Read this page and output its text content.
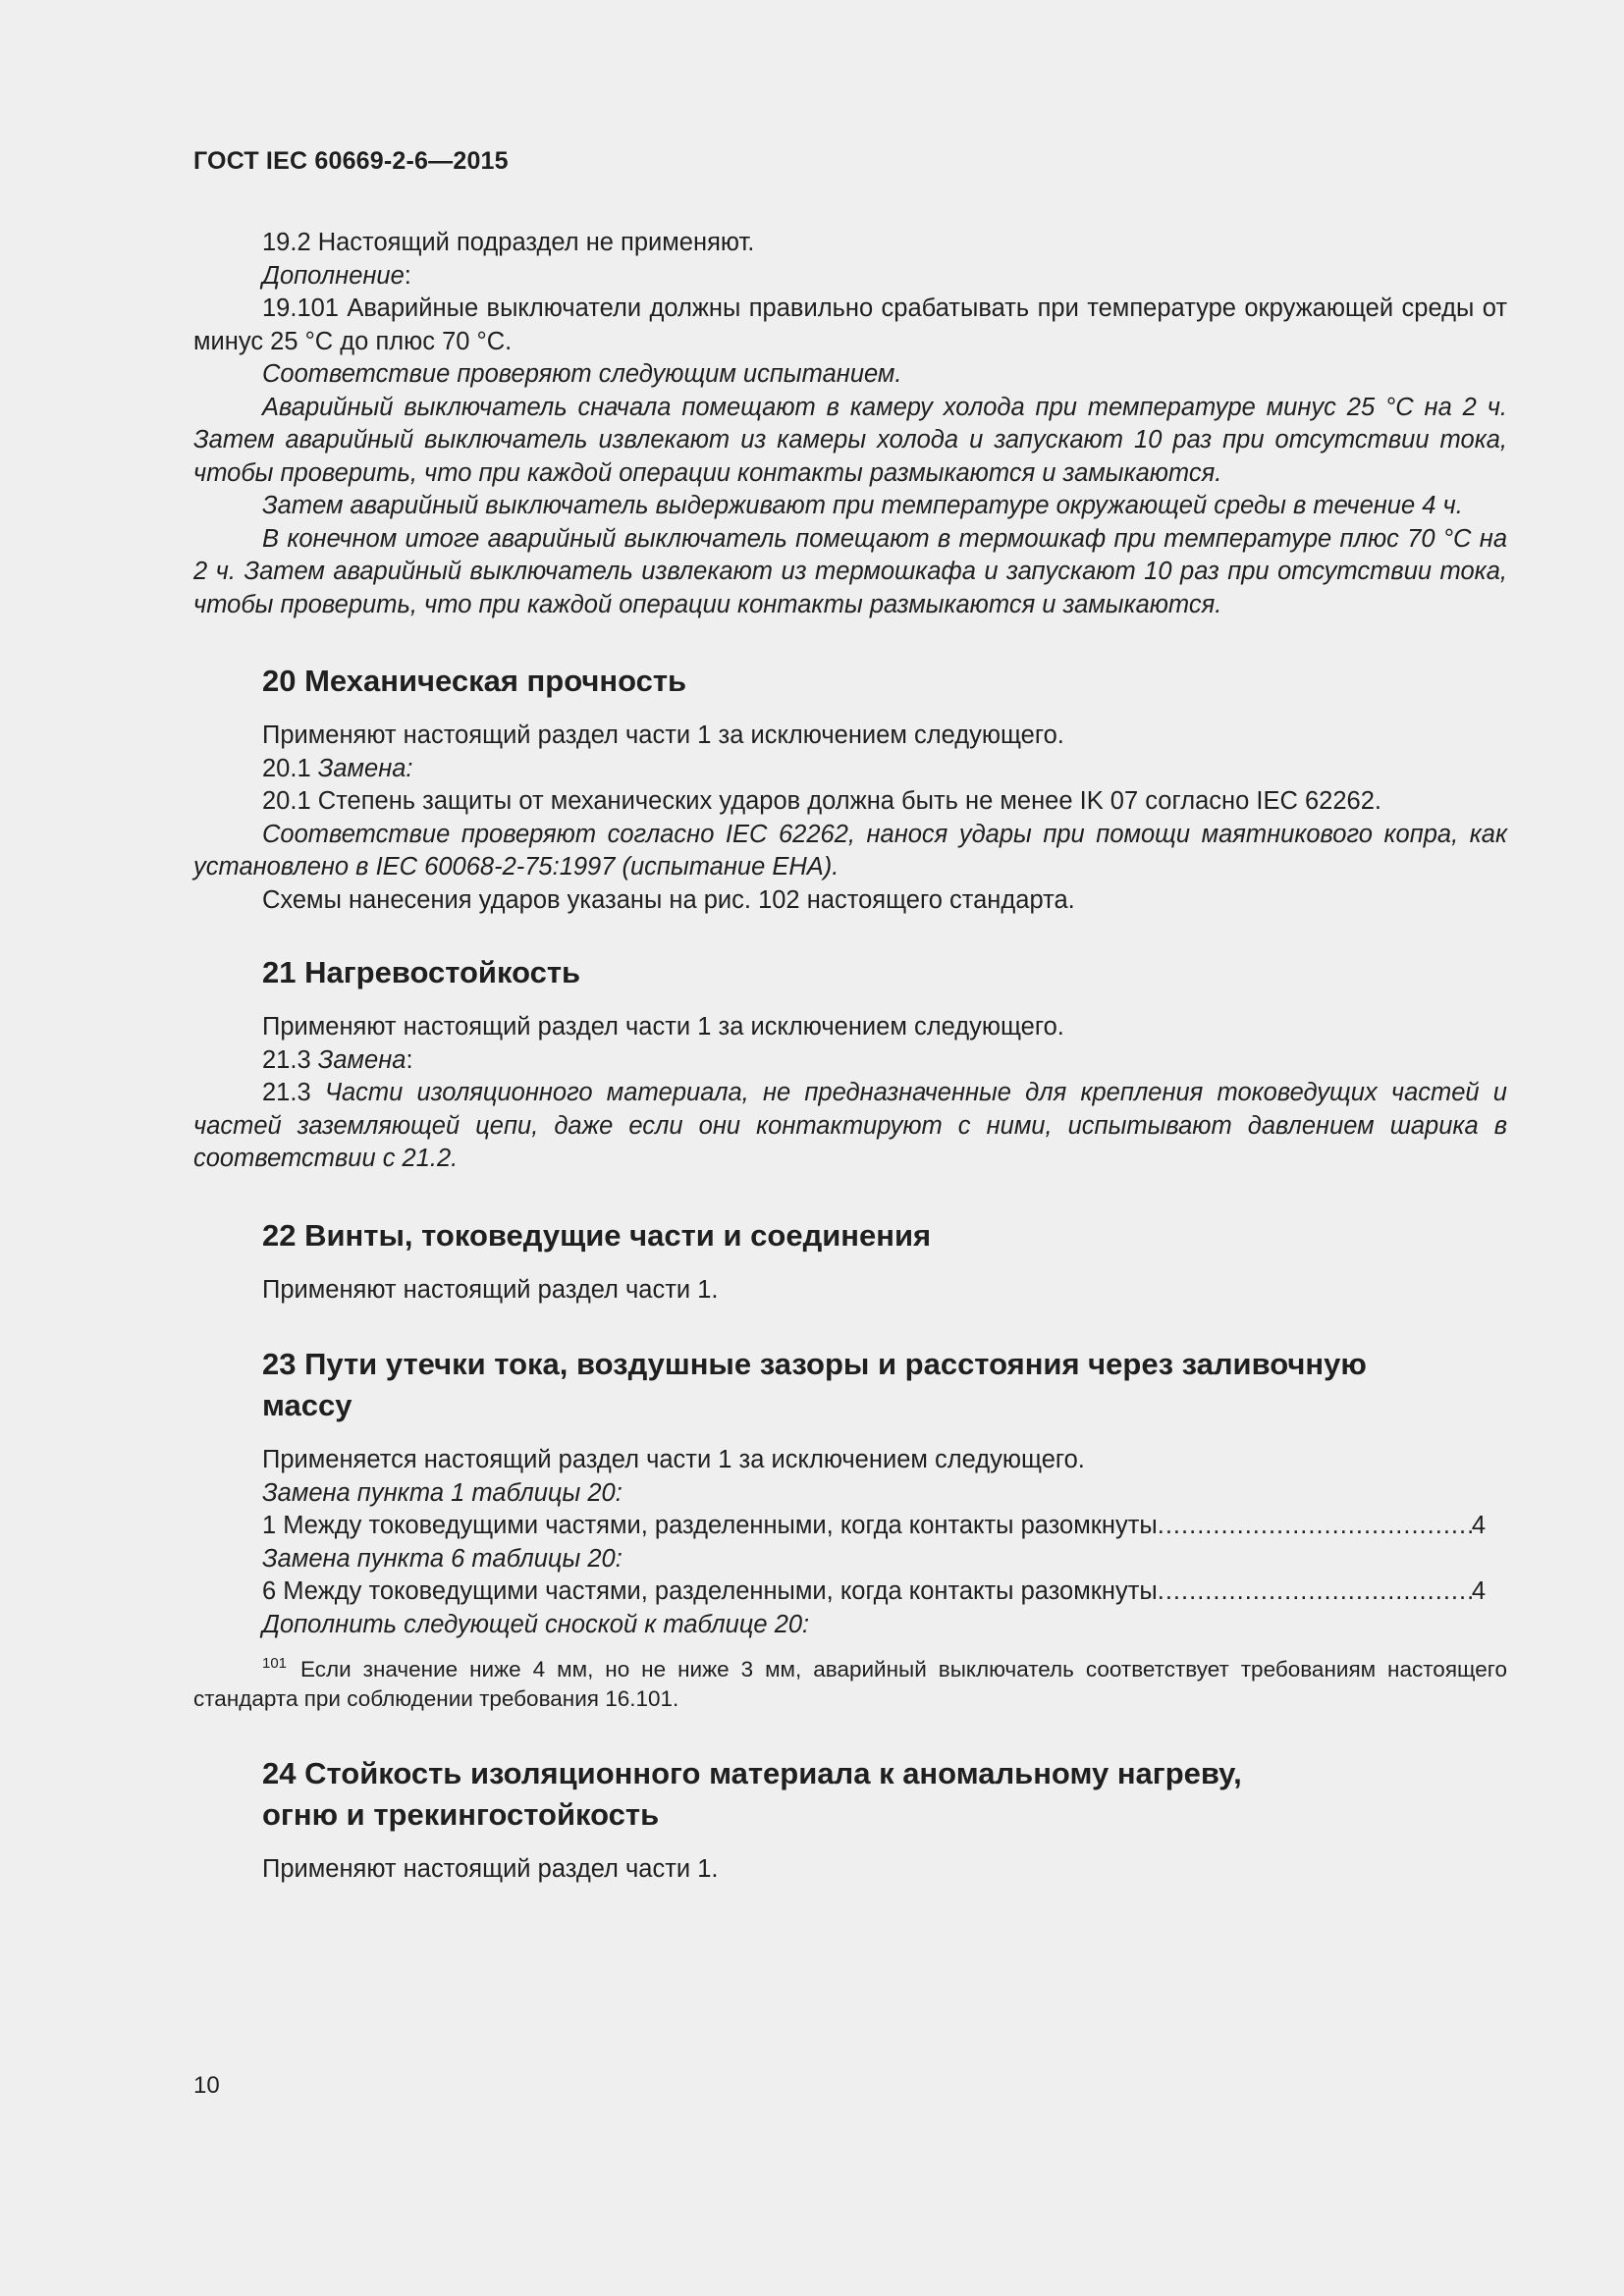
ГОСТ IEC 60669-2-6—2015

19.2 Настоящий подраздел не применяют.

Дополнение:

19.101 Аварийные выключатели должны правильно срабатывать при температуре окружающей среды от минус 25 °С до плюс 70 °С.

Соответствие проверяют следующим испытанием.

Аварийный выключатель сначала помещают в камеру холода при температуре минус 25 °С на 2 ч. Затем аварийный выключатель извлекают из камеры холода и запускают 10 раз при отсутствии тока, чтобы проверить, что при каждой операции контакты размыкаются и замыкаются.

Затем аварийный выключатель выдерживают при температуре окружающей среды в течение 4 ч.

В конечном итоге аварийный выключатель помещают в термошкаф при температуре плюс 70 °С на 2 ч. Затем аварийный выключатель извлекают из термошкафа и запускают 10 раз при отсутствии тока, чтобы проверить, что при каждой операции контакты размыкаются и замыкаются.

20 Механическая прочность

Применяют настоящий раздел части 1 за исключением следующего.

20.1 Замена:

20.1 Степень защиты от механических ударов должна быть не менее IK 07 согласно IEC 62262.

Соответствие проверяют согласно IEC 62262, нанося удары при помощи маятникового копра, как установлено в IEC 60068-2-75:1997 (испытание ЕНА).

Схемы нанесения ударов указаны на рис. 102 настоящего стандарта.

21 Нагревостойкость

Применяют настоящий раздел части 1 за исключением следующего.

21.3 Замена:

21.3 Части изоляционного материала, не предназначенные для крепления токоведущих частей и частей заземляющей цепи, даже если они контактируют с ними, испытывают давлением шарика в соответствии с 21.2.

22 Винты, токоведущие части и соединения

Применяют настоящий раздел части 1.

23 Пути утечки тока, воздушные зазоры и расстояния через заливочную
массу

Применяется настоящий раздел части 1 за исключением следующего.

Замена пункта 1 таблицы 20:

1 Между токоведущими частями, разделенными, когда контакты разомкнуты .....	4

Замена пункта 6 таблицы 20:

6 Между токоведущими частями, разделенными, когда контакты разомкнуты .....	4

Дополнить следующей сноской к таблице 20:

$^{101}$ Если значение ниже 4 мм, но не ниже 3 мм, аварийный выключатель соответствует требованиям настоящего стандарта при соблюдении требования 16.101.
24 Стойкость изоляционного материала к аномальному нагреву,
огню и трекингостойкость

Применяют настоящий раздел части 1.

10
